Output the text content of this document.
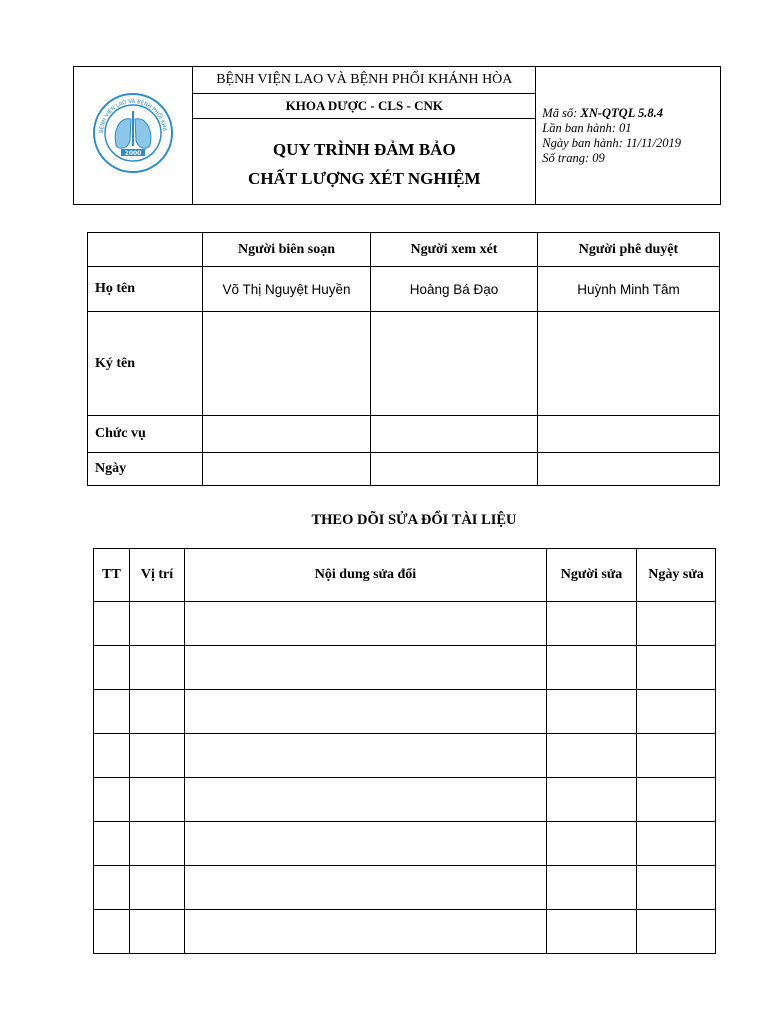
BỆNH VIỆN LAO VÀ BỆNH PHỔI KHÁ
2000
	BỆNH VIỆN LAO VÀ BỆNH PHỔI KHÁNH HÒA	
Mã số: XN-QTQL 5.8.4
Lần ban hành: 01
Ngày ban hành: 11/11/2019
Số trang: 09

KHOA DƯỢC - CLS - CNK

QUY TRÌNH ĐẢM BẢO
CHẤT LƯỢNG XÉT NGHIỆM
	Người biên soạn	Người xem xét	Người phê duyệt
Họ tên	Võ Thị Nguyệt Huyền	Hoàng Bá Đạo	Huỳnh Minh Tâm
Ký tên			
Chức vụ			
Ngày			
THEO DÕI SỬA ĐỔI TÀI LIỆU
TT	Vị trí	Nội dung sửa đổi	Người sửa	Ngày sửa
